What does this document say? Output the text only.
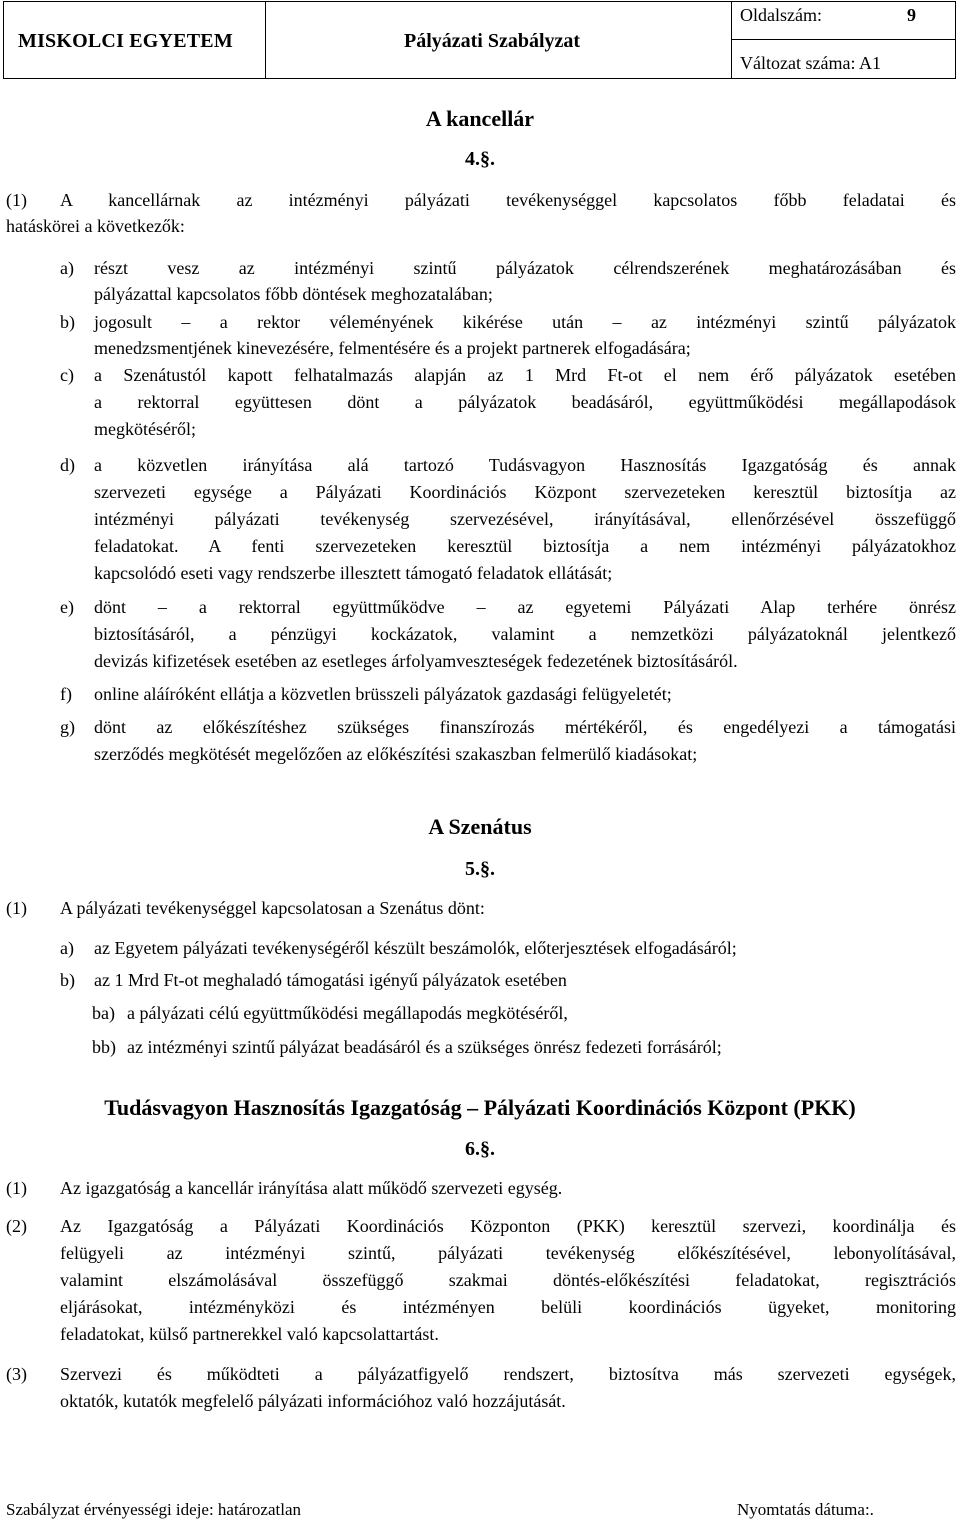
MISKOLCI EGYETEM	Pályázati Szabályzat
Oldalszám:	9
Változat száma: A1
A kancellár
4.§.
(1) A kancellárnak az intézményi pályázati tevékenységgel kapcsolatos főbb feladatai és
hatáskörei a következők:
a) részt vesz az intézményi szintű pályázatok célrendszerének meghatározásában és
pályázattal kapcsolatos főbb döntések meghozatalában;
b) jogosult – a rektor véleményének kikérése után – az intézményi szintű pályázatok
menedzsmentjének kinevezésére, felmentésére és a projekt partnerek elfogadására;
c) a Szenátustól kapott felhatalmazás alapján az 1 Mrd Ft-ot el nem érő pályázatok esetében
a rektorral együttesen dönt a pályázatok beadásáról, együttműködési megállapodások
megkötéséről;
d) a közvetlen irányítása alá tartozó Tudásvagyon Hasznosítás Igazgatóság és annak
szervezeti egysége a Pályázati Koordinációs Központ szervezeteken keresztül biztosítja az
intézményi pályázati tevékenység szervezésével, irányításával, ellenőrzésével összefüggő
feladatokat. A fenti szervezeteken keresztül biztosítja a nem intézményi pályázatokhoz
kapcsolódó eseti vagy rendszerbe illesztett támogató feladatok ellátását;
e) dönt – a rektorral együttműködve – az egyetemi Pályázati Alap terhére önrész
biztosításáról, a pénzügyi kockázatok, valamint a nemzetközi pályázatoknál jelentkező
devizás kifizetések esetében az esetleges árfolyamveszteségek fedezetének biztosításáról.
f) online aláíróként ellátja a közvetlen brüsszeli pályázatok gazdasági felügyeletét;
g) dönt az előkészítéshez szükséges finanszírozás mértékéről, és engedélyezi a támogatási
szerződés megkötését megelőzően az előkészítési szakaszban felmerülő kiadásokat;
A Szenátus
5.§.
(1) A pályázati tevékenységgel kapcsolatosan a Szenátus dönt:
a) az Egyetem pályázati tevékenységéről készült beszámolók, előterjesztések elfogadásáról;
b) az 1 Mrd Ft-ot meghaladó támogatási igényű pályázatok esetében
ba) a pályázati célú együttműködési megállapodás megkötéséről,
bb) az intézményi szintű pályázat beadásáról és a szükséges önrész fedezeti forrásáról;
Tudásvagyon Hasznosítás Igazgatóság – Pályázati Koordinációs Központ (PKK)
6.§.
(1) Az igazgatóság a kancellár irányítása alatt működő szervezeti egység.
(2) Az Igazgatóság a Pályázati Koordinációs Központon (PKK) keresztül szervezi, koordinálja és
felügyeli az intézményi szintű, pályázati tevékenység előkészítésével, lebonyolításával,
valamint elszámolásával összefüggő szakmai döntés-előkészítési feladatokat, regisztrációs
eljárásokat, intézményközi és intézményen belüli koordinációs ügyeket, monitoring
feladatokat, külső partnerekkel való kapcsolattartást.
(3) Szervezi és működteti a pályázatfigyelő rendszert, biztosítva más szervezeti egységek,
oktatók, kutatók megfelelő pályázati információhoz való hozzájutását.
Szabályzat érvényességi ideje: határozatlan	Nyomtatás dátuma:.
